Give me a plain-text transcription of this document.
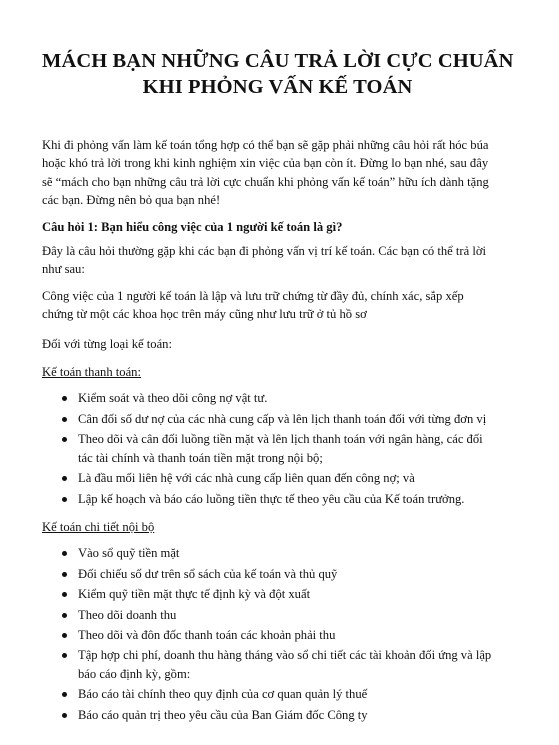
MÁCH BẠN NHỮNG CÂU TRẢ LỜI CỰC CHUẨN
KHI PHỎNG VẤN KẾ TOÁN

Khi đi phỏng vấn làm kế toán tổng hợp có thể bạn sẽ gặp phải những câu hỏi rất hóc búa
hoặc khó trả lời trong khi kinh nghiệm xin việc của bạn còn ít. Đừng lo bạn nhé, sau đây
sẽ “mách cho bạn những câu trả lời cực chuẩn khi phỏng vấn kế toán” hữu ích dành tặng
các bạn. Đừng nên bỏ qua bạn nhé!

Câu hỏi 1: Bạn hiểu công việc của 1 người kế toán là gì?

Đây là câu hỏi thường gặp khi các bạn đi phỏng vấn vị trí kế toán. Các bạn có thể trả lời
như sau:

Công việc của 1 người kế toán là lập và lưu trữ chứng từ đầy đủ, chính xác, sắp xếp
chứng từ một các khoa học trên máy cũng như lưu trữ ở tủ hồ sơ

Đối với từng loại kế toán:

Kế toán thanh toán:

Kiểm soát và theo dõi công nợ vật tư.
Cân đối số dư nợ của các nhà cung cấp và lên lịch thanh toán đối với từng đơn vị
Theo dõi và cân đối luồng tiền mặt và lên lịch thanh toán với ngân hàng, các đối
tác tài chính và thanh toán tiền mặt trong nội bộ;
Là đầu mối liên hệ với các nhà cung cấp liên quan đến công nợ; và
Lập kế hoạch và báo cáo luồng tiền thực tế theo yêu cầu của Kế toán trưởng.

Kế toán chi tiết nội bộ

Vào sổ quỹ tiền mặt
Đối chiếu số dư trên sổ sách của kế toán và thủ quỹ
Kiểm quỹ tiền mặt thực tế định kỳ và đột xuất
Theo dõi doanh thu
Theo dõi và đôn đốc thanh toán các khoản phải thu
Tập hợp chi phí, doanh thu hàng tháng vào sổ chi tiết các tài khoản đối ứng và lập
báo cáo định kỳ, gồm:
Báo cáo tài chính theo quy định của cơ quan quản lý thuế
Báo cáo quản trị theo yêu cầu của Ban Giám đốc Công ty
